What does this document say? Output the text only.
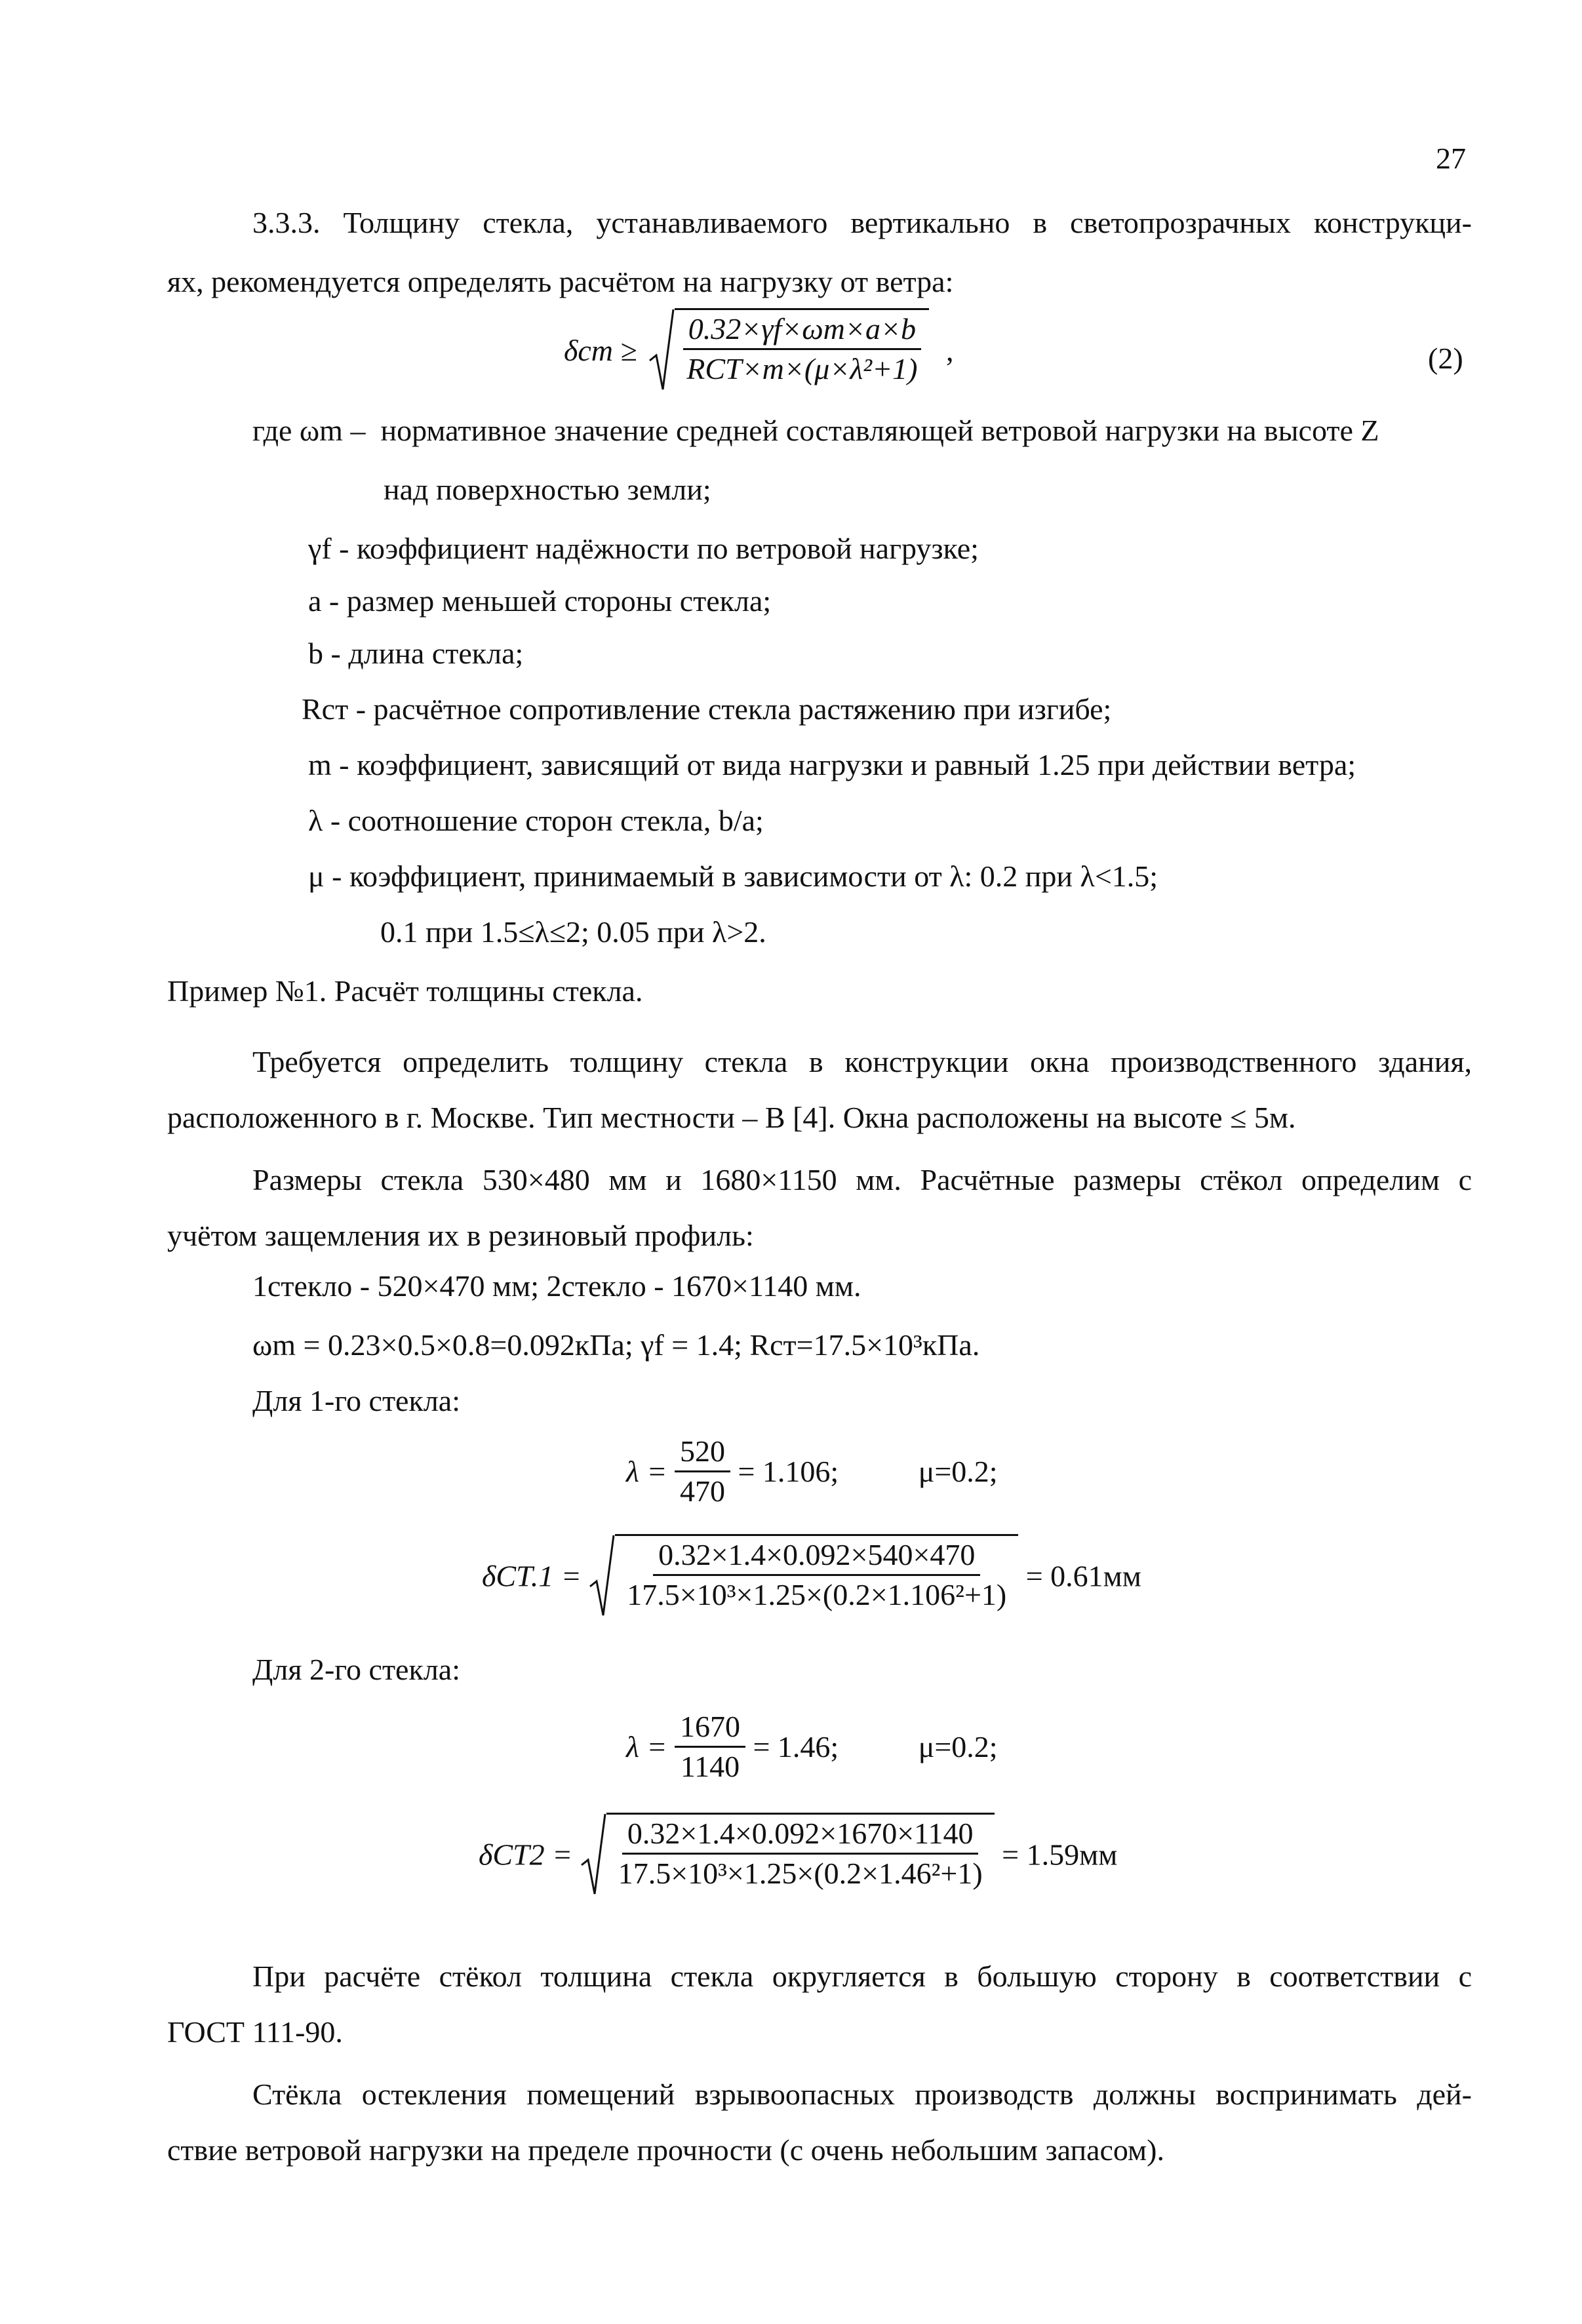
27
3.3.3. Толщину стекла, устанавливаемого вертикально в светопрозрачных конструкци-
ях, рекомендуется определять расчётом на нагрузку от ветра:
$\delta ст \ge \frac{0.32\times\gamma f\times\omega m\times a\times b}{\text{RСТ×m×(μ×λ²+1)}}$ ,	(2)
где ωm – нормативное значение средней составляющей ветровой нагрузки на высоте Z
над поверхностью земли;
γf - коэффициент надёжности по ветровой нагрузке;
a - размер меньшей стороны стекла;
b - длина стекла;
Rст - расчётное сопротивление стекла растяжению при изгибе;
m - коэффициент, зависящий от вида нагрузки и равный 1.25 при действии ветра;
λ - соотношение сторон стекла, b/a;
μ - коэффициент, принимаемый в зависимости от λ: 0.2 при λ<1.5;
0.1 при 1.5≤λ≤2; 0.05 при λ>2.
Пример №1. Расчёт толщины стекла.
Требуется определить толщину стекла в конструкции окна производственного здания,
расположенного в г. Москве. Тип местности – В [4]. Окна расположены на высоте ≤ 5м.
Размеры стекла 530×480 мм и 1680×1150 мм. Расчётные размеры стёкол определим с
учётом защемления их в резиновый профиль:
1стекло - 520×470 мм; 2стекло - 1670×1140 мм.
ωm = 0.23×0.5×0.8=0.092кПа; γf = 1.4; Rст=17.5×10³кПа.
Для 1-го стекла:
$\lambda = \frac{520}{470} = 1.106$;	μ=0.2;
$\delta СТ.1 = \frac{0.32\times 1.4\times 0.092\times 540\times 470}{\text{17.5×10³×1.25×(0.2×1.106²+1)}} = 0.61мм$
Для 2-го стекла:
$\lambda = \frac{1670}{1140} = 1.46$;	μ=0.2;
$\delta СТ2 = \frac{0.32\times 1.4\times 0.092\times 1670\times 1140}{\text{17.5×10³×1.25×(0.2×1.46²+1)}} = 1.59мм$
При расчёте стёкол толщина стекла округляется в большую сторону в соответствии с
ГОСТ 111-90.
Стёкла остекления помещений взрывоопасных производств должны воспринимать дей-
ствие ветровой нагрузки на пределе прочности (с очень небольшим запасом).
